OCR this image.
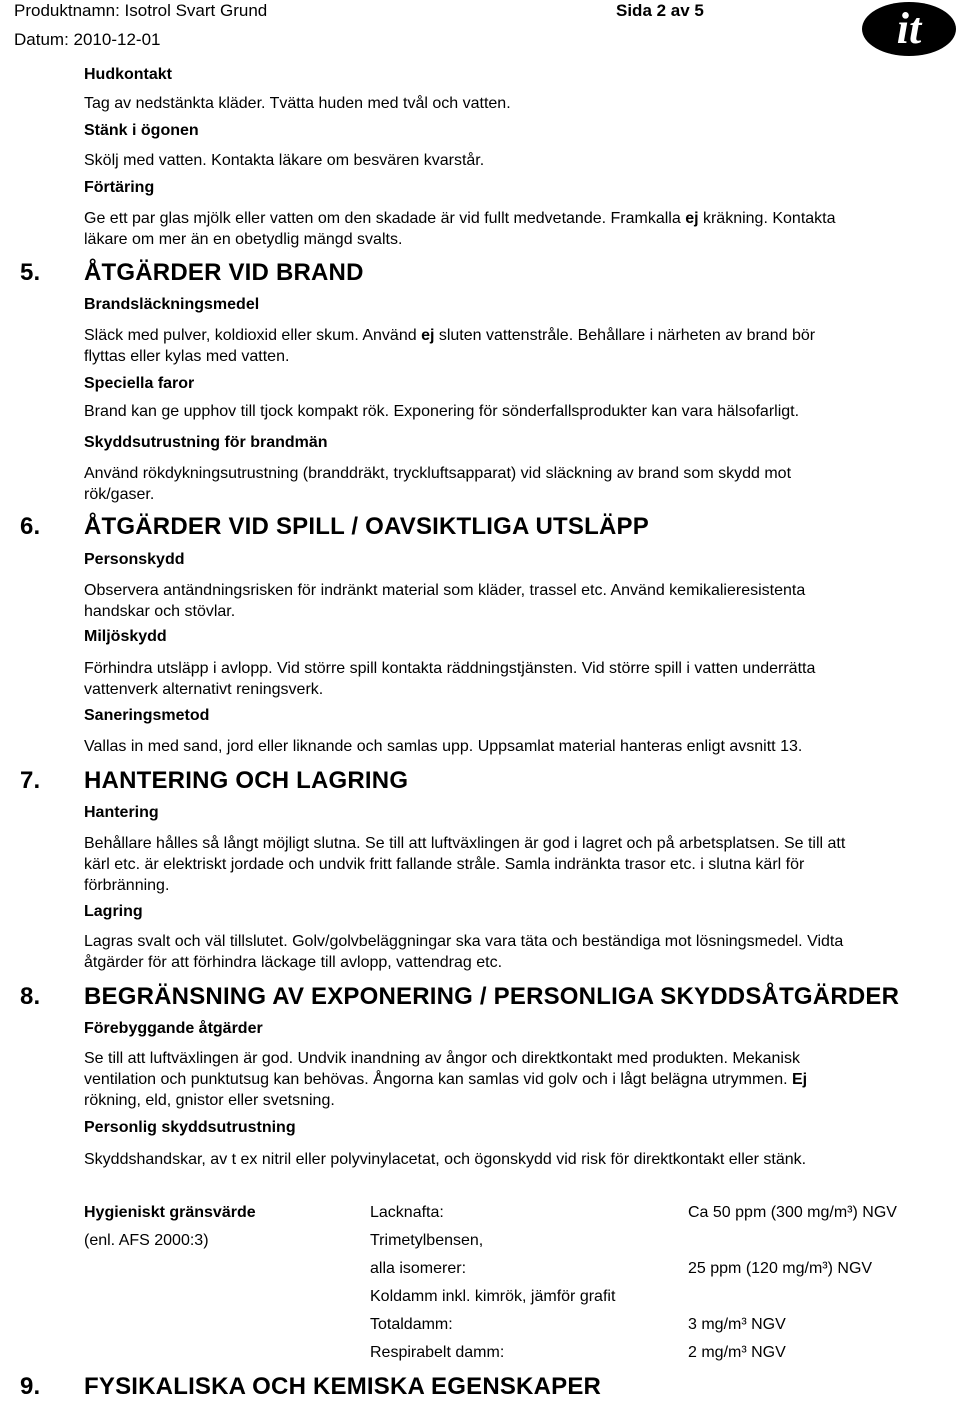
Produktnamn: Isotrol Svart Grund
Datum: 2010-12-01
Sida 2 av 5	it
Hudkontakt
Tag av nedstänkta kläder. Tvätta huden med tvål och vatten.
Stänk i ögonen
Skölj med vatten. Kontakta läkare om besvären kvarstår.
Förtäring
Ge ett par glas mjölk eller vatten om den skadade är vid fullt medvetande. Framkalla ej kräkning. Kontakta
läkare om mer än en obetydlig mängd svalts.
5. ÅTGÄRDER VID BRAND
Brandsläckningsmedel
Släck med pulver, koldioxid eller skum. Använd ej sluten vattenstråle. Behållare i närheten av brand bör
flyttas eller kylas med vatten.
Speciella faror
Brand kan ge upphov till tjock kompakt rök. Exponering för sönderfallsprodukter kan vara hälsofarligt.
Skyddsutrustning för brandmän
Använd rökdykningsutrustning (branddräkt, tryckluftsapparat) vid släckning av brand som skydd mot
rök/gaser.
6. ÅTGÄRDER VID SPILL / OAVSIKTLIGA UTSLÄPP
Personskydd
Observera antändningsrisken för indränkt material som kläder, trassel etc. Använd kemikalieresistenta
handskar och stövlar.
Miljöskydd
Förhindra utsläpp i avlopp. Vid större spill kontakta räddningstjänsten. Vid större spill i vatten underrätta
vattenverk alternativt reningsverk.
Saneringsmetod
Vallas in med sand, jord eller liknande och samlas upp. Uppsamlat material hanteras enligt avsnitt 13.
7. HANTERING OCH LAGRING
Hantering
Behållare hålles så långt möjligt slutna. Se till att luftväxlingen är god i lagret och på arbetsplatsen. Se till att
kärl etc. är elektriskt jordade och undvik fritt fallande stråle. Samla indränkta trasor etc. i slutna kärl för
förbränning.
Lagring
Lagras svalt och väl tillslutet. Golv/golvbeläggningar ska vara täta och beständiga mot lösningsmedel. Vidta
åtgärder för att förhindra läckage till avlopp, vattendrag etc.
8. BEGRÄNSNING AV EXPONERING / PERSONLIGA SKYDDSÅTGÄRDER
Förebyggande åtgärder
Se till att luftväxlingen är god. Undvik inandning av ångor och direktkontakt med produkten. Mekanisk
ventilation och punktutsug kan behövas. Ångorna kan samlas vid golv och i lågt belägna utrymmen. Ej
rökning, eld, gnistor eller svetsning.
Personlig skyddsutrustning
Skyddshandskar, av t ex nitril eller polyvinylacetat, och ögonskydd vid risk för direktkontakt eller stänk.
Hygieniskt gränsvärde
(enl. AFS 2000:3)
Lacknafta:	Ca 50 ppm (300 mg/m³) NGV
Trimetylbensen,
alla isomerer:	25 ppm (120 mg/m³) NGV
Koldamm inkl. kimrök, jämför grafit
Totaldamm:	3 mg/m³ NGV
Respirabelt damm:	2 mg/m³ NGV
9. FYSIKALISKA OCH KEMISKA EGENSKAPER
